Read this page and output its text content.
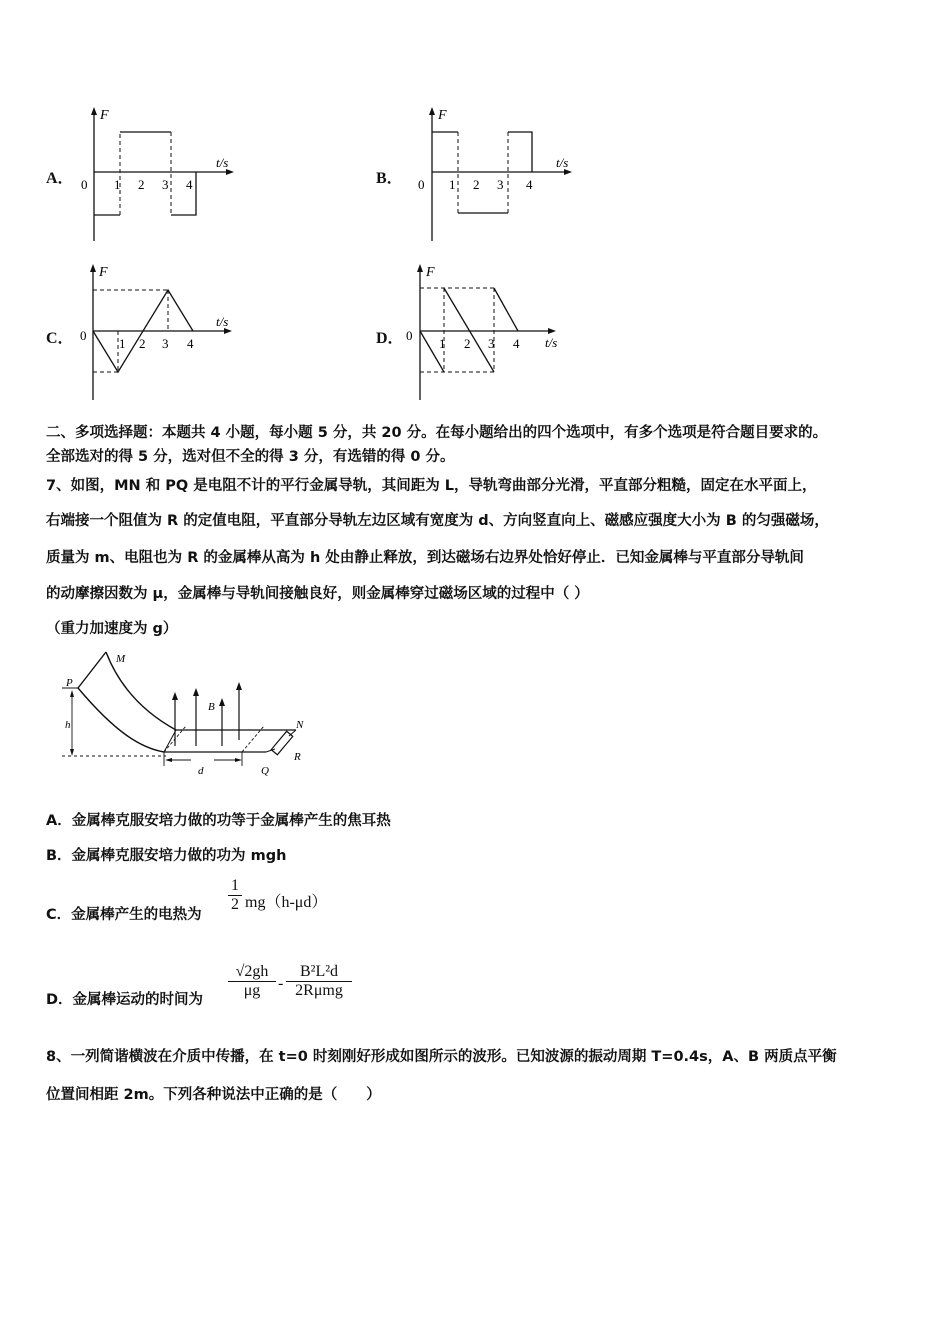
A．	B．
C．	D．
F
t/s
0 1 2 3 4
F
t/s
0 1 2 3 4
F
t/s
0
1 2 3 4
F
t/s
0
1 2 3 4
二、多项选择题：本题共 4 小题，每小题 5 分，共 20 分。在每小题给出的四个选项中，有多个选项是符合题目要求的。
全部选对的得 5 分，选对但不全的得 3 分，有选错的得 0 分。
7、如图，MN 和 PQ 是电阻不计的平行金属导轨，其间距为 L，导轨弯曲部分光滑，平直部分粗糙，固定在水平面上，
右端接一个阻值为 R 的定值电阻，平直部分导轨左边区域有宽度为 d、方向竖直向上、磁感应强度大小为 B 的匀强磁场，
质量为 m、电阻也为 R 的金属棒从高为 h 处由静止释放，到达磁场右边界处恰好停止．已知金属棒与平直部分导轨间
的动摩擦因数为 μ，金属棒与导轨间接触良好，则金属棒穿过磁场区域的过程中（ ）
（重力加速度为 g）
M
P
N
Q
R
B
h
d
A．金属棒克服安培力做的功等于金属棒产生的焦耳热
B．金属棒克服安培力做的功为 mgh
C．金属棒产生的电热为
$\frac{1}{2} mg(h-\mu d)$
D．金属棒运动的时间为 $\frac{√2gh}{\mu g}$ -
B²L²d
2Rμmg
8、一列简谐横波在介质中传播，在 t=0 时刻刚好形成如图所示的波形。已知波源的振动周期 T=0.4s，A、B 两质点平衡
位置间相距 2m。下列各种说法中正确的是（　　）
